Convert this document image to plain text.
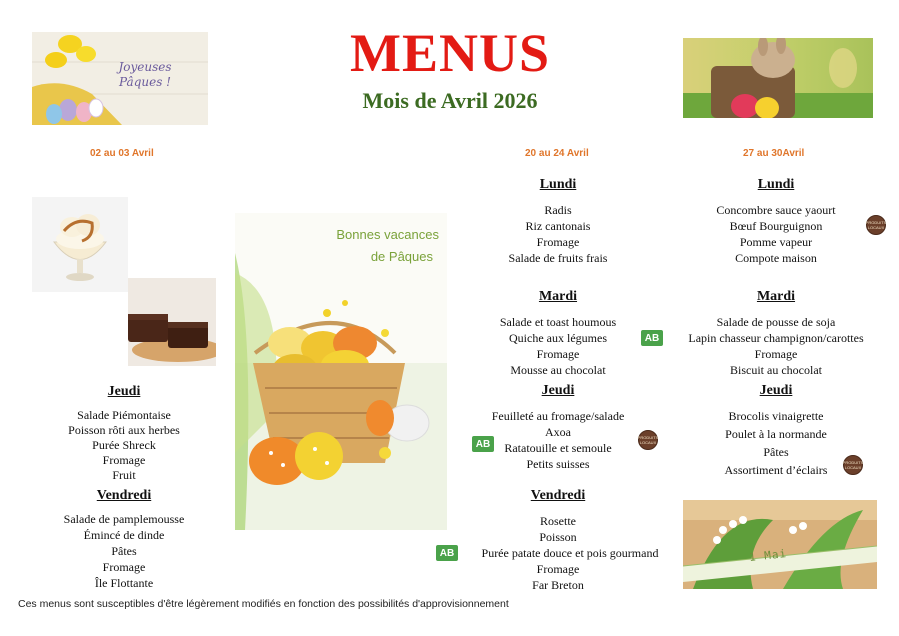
MENUS
Mois de Avril 2026
Joyeuses Pâques !
02 au 03 Avril	20 au 24 Avril	27 au 30Avril
Bonnes vacances
de Pâques
Jeudi
Salade Piémontaise
Poisson rôti aux herbes
Purée Shreck
Fromage
Fruit
Vendredi
Salade de pamplemousse
Émincé de dinde
Pâtes
Fromage
Île Flottante
Lundi
Radis
Riz cantonais
Fromage
Salade de fruits frais
Mardi
Salade et toast houmous
Quiche aux légumes
Fromage
Mousse au chocolat
Jeudi
Feuilleté au fromage/salade
Axoa
Ratatouille et semoule
Petits suisses
Vendredi
Rosette
Poisson
Purée patate douce et pois gourmand
Fromage
Far Breton
Lundi
Concombre sauce yaourt
Bœuf Bourguignon
Pomme vapeur
Compote maison
Mardi
Salade de pousse de soja
Lapin chasseur champignon/carottes
Fromage
Biscuit au chocolat
Jeudi
Brocolis vinaigrette
Poulet à la normande
Pâtes
Assortiment d’éclairs
AB
AB
AB
PRODUITS LOCAUX
PRODUITS LOCAUX
PRODUITS LOCAUX
1 Mai
Ces menus sont susceptibles d'être légèrement modifiés en fonction des possibilités d'approvisionnement
